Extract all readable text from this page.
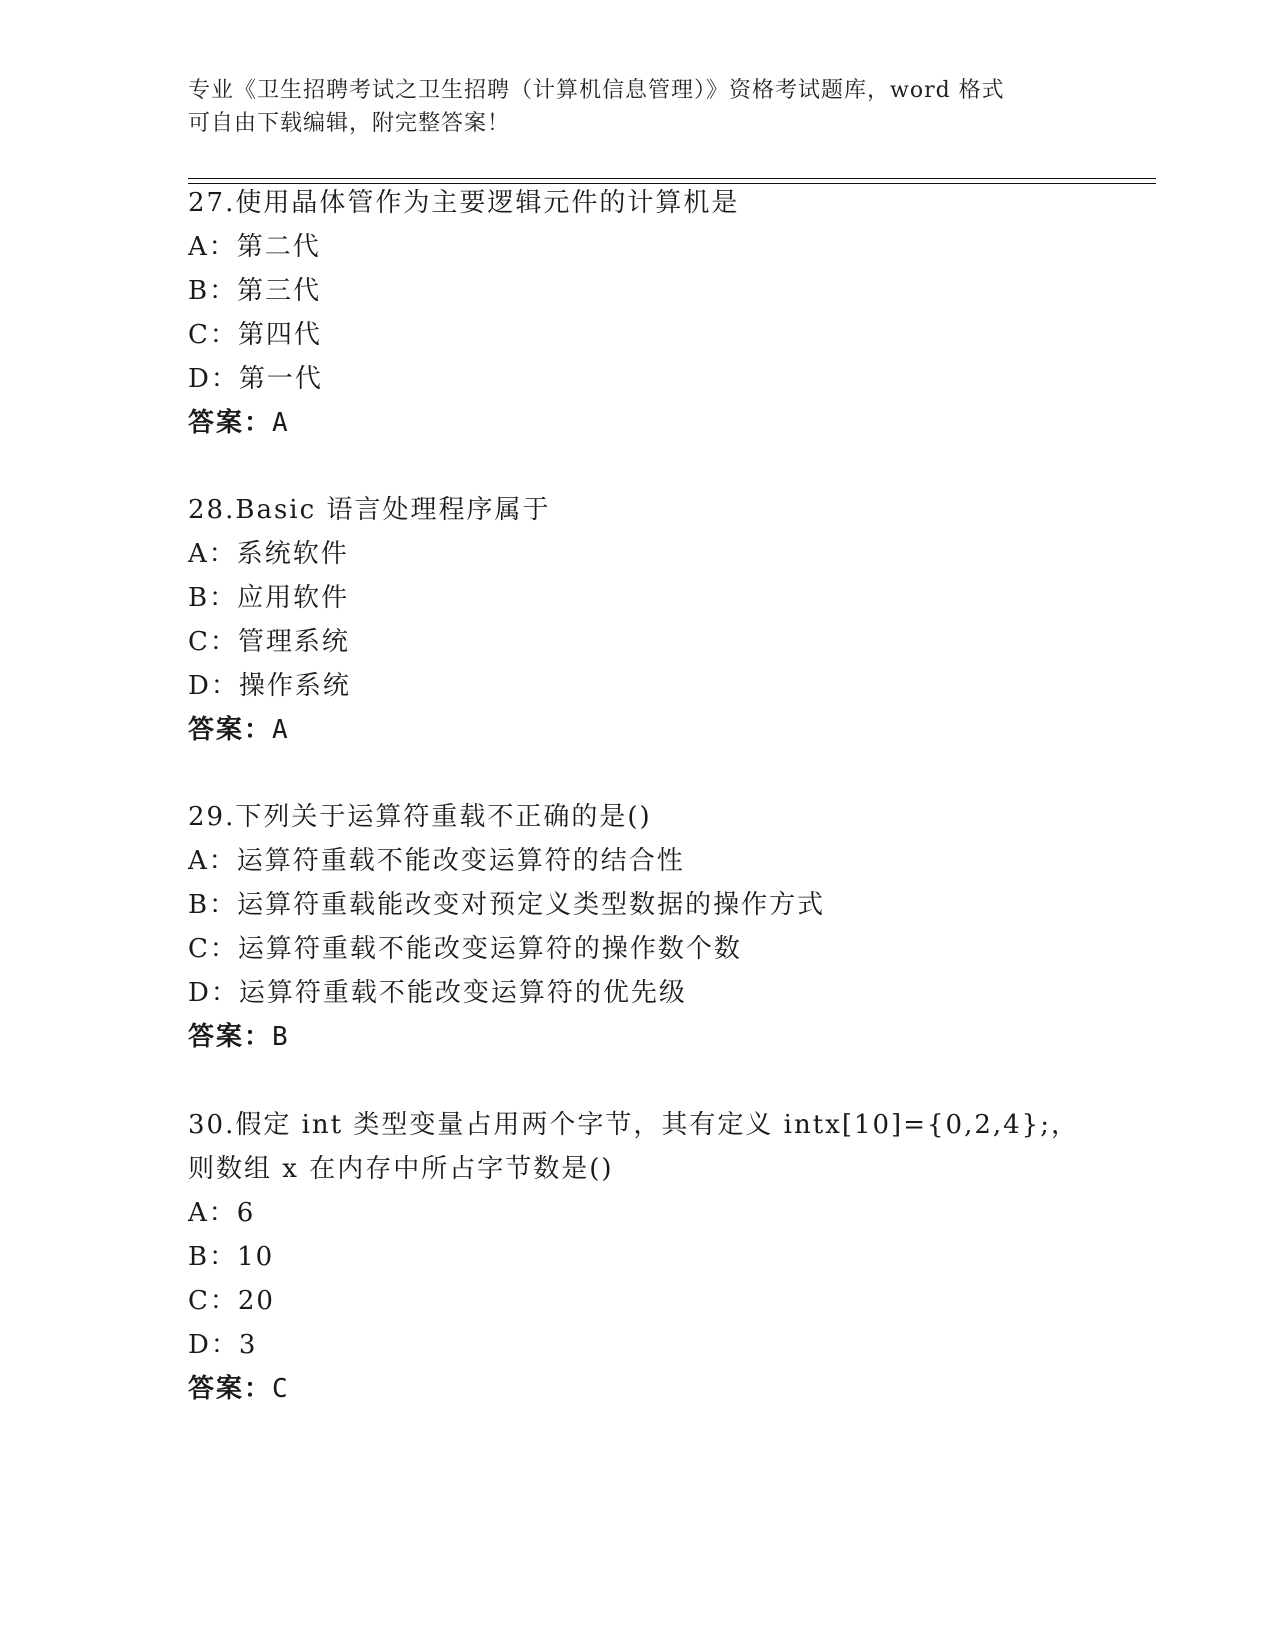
专业《卫生招聘考试之卫生招聘（计算机信息管理）》资格考试题库，word 格式
可自由下载编辑，附完整答案！
27.使用晶体管作为主要逻辑元件的计算机是
A：第二代
B：第三代
C：第四代
D：第一代
答案：A
28.Basic 语言处理程序属于
A：系统软件
B：应用软件
C：管理系统
D：操作系统
答案：A
29.下列关于运算符重载不正确的是()
A：运算符重载不能改变运算符的结合性
B：运算符重载能改变对预定义类型数据的操作方式
C：运算符重载不能改变运算符的操作数个数
D：运算符重载不能改变运算符的优先级
答案：B
30.假定 int 类型变量占用两个字节，其有定义 intx[10]={0,2,4};，
则数组 x 在内存中所占字节数是()
A：6
B：10
C：20
D：3
答案：C
